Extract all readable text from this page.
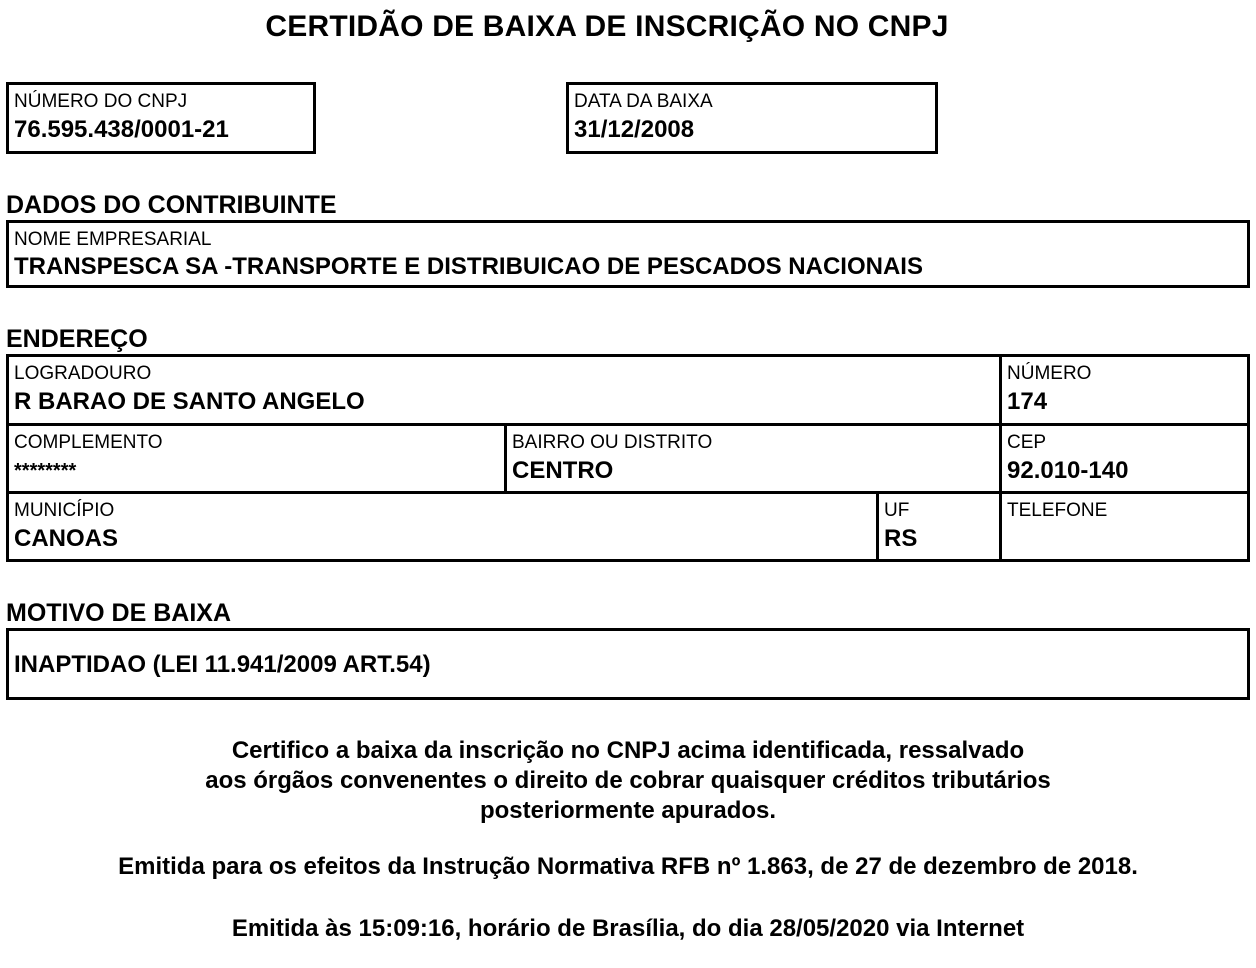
CERTIDÃO DE BAIXA DE INSCRIÇÃO NO CNPJ
NÚMERO DO CNPJ
76.595.438/0001-21
DATA DA BAIXA
31/12/2008
DADOS DO CONTRIBUINTE
NOME EMPRESARIAL
TRANSPESCA SA -TRANSPORTE E DISTRIBUICAO DE PESCADOS NACIONAIS
ENDEREÇO
LOGRADOURO
R BARAO DE SANTO ANGELO
NÚMERO
174
COMPLEMENTO
********
BAIRRO OU DISTRITO
CENTRO
CEP
92.010-140
MUNICÍPIO
CANOAS
UF
RS
TELEFONE
MOTIVO DE BAIXA
INAPTIDAO (LEI 11.941/2009 ART.54)
Certifico a baixa da inscrição no CNPJ acima identificada, ressalvado
aos órgãos convenentes o direito de cobrar quaisquer créditos tributários
posteriormente apurados.
Emitida para os efeitos da Instrução Normativa RFB nº 1.863, de 27 de dezembro de 2018.
Emitida às 15:09:16, horário de Brasília, do dia 28/05/2020 via Internet
